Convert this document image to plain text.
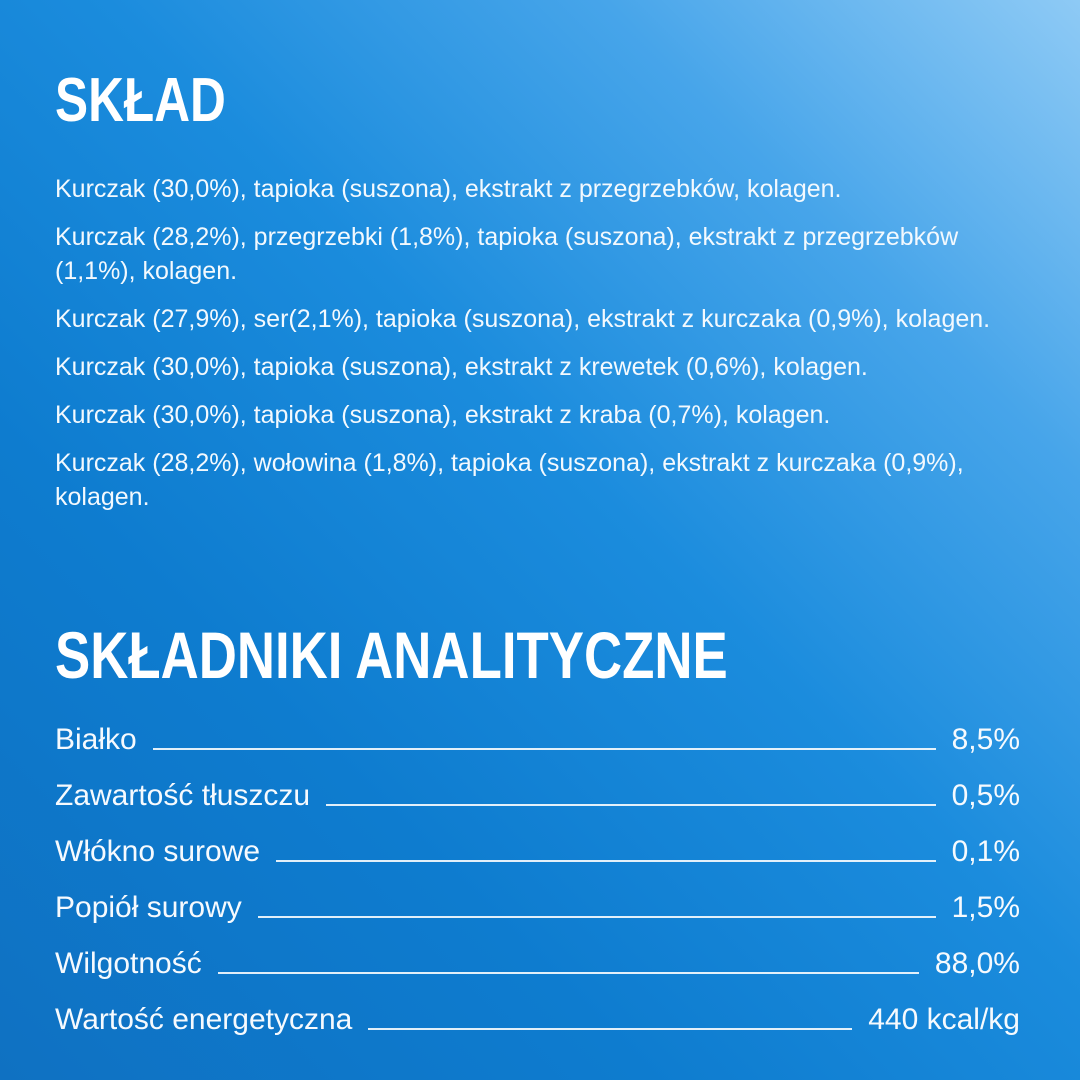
SKŁAD

Kurczak (30,0%), tapioka (suszona), ekstrakt z przegrzebków, kolagen.

Kurczak (28,2%), przegrzebki (1,8%), tapioka (suszona), ekstrakt z przegrzebków (1,1%), kolagen.

Kurczak (27,9%), ser(2,1%), tapioka (suszona), ekstrakt z kurczaka (0,9%), kolagen.

Kurczak (30,0%), tapioka (suszona), ekstrakt z krewetek (0,6%), kolagen.

Kurczak (30,0%), tapioka (suszona), ekstrakt z kraba (0,7%), kolagen.

Kurczak (28,2%), wołowina (1,8%), tapioka (suszona), ekstrakt z kurczaka (0,9%), kolagen.

SKŁADNIKI ANALITYCZNE
Białko	8,5%
Zawartość tłuszczu	0,5%
Włókno surowe	0,1%
Popiół surowy	1,5%
Wilgotność	88,0%
Wartość energetyczna	440 kcal/kg
